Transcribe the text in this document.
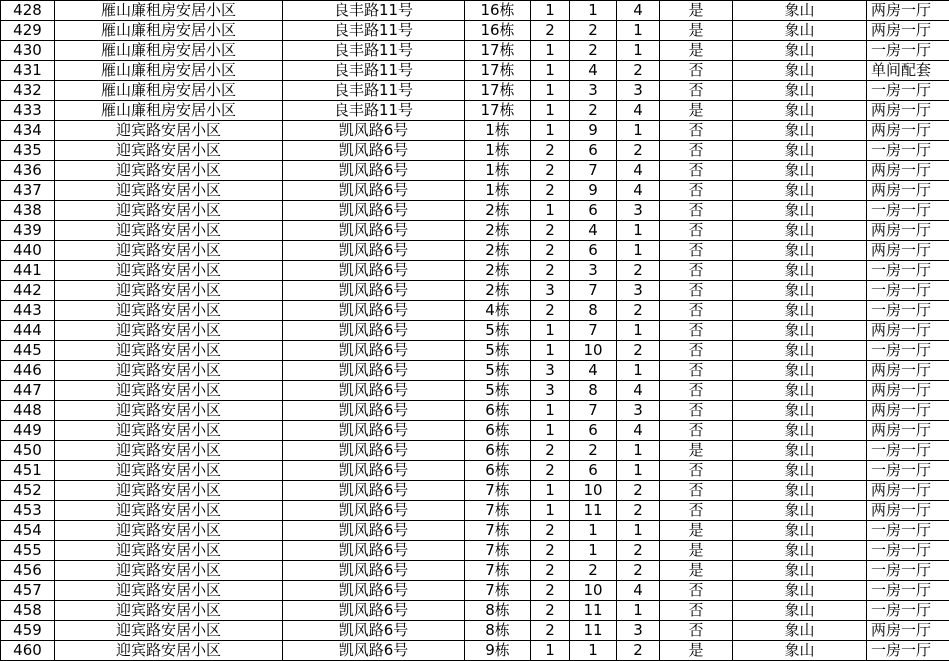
428	雁山廉租房安居小区	良丰路11号	16栋	1	1	4	是	象山	两房一厅
429	雁山廉租房安居小区	良丰路11号	16栋	2	2	1	是	象山	两房一厅
430	雁山廉租房安居小区	良丰路11号	17栋	1	2	1	是	象山	一房一厅
431	雁山廉租房安居小区	良丰路11号	17栋	1	4	2	否	象山	单间配套
432	雁山廉租房安居小区	良丰路11号	17栋	1	3	3	否	象山	一房一厅
433	雁山廉租房安居小区	良丰路11号	17栋	1	2	4	是	象山	两房一厅
434	迎宾路安居小区	凯风路6号	1栋	1	9	1	否	象山	两房一厅
435	迎宾路安居小区	凯风路6号	1栋	2	6	2	否	象山	一房一厅
436	迎宾路安居小区	凯风路6号	1栋	2	7	4	否	象山	两房一厅
437	迎宾路安居小区	凯风路6号	1栋	2	9	4	否	象山	两房一厅
438	迎宾路安居小区	凯风路6号	2栋	1	6	3	否	象山	一房一厅
439	迎宾路安居小区	凯风路6号	2栋	2	4	1	否	象山	两房一厅
440	迎宾路安居小区	凯风路6号	2栋	2	6	1	否	象山	两房一厅
441	迎宾路安居小区	凯风路6号	2栋	2	3	2	否	象山	一房一厅
442	迎宾路安居小区	凯风路6号	2栋	3	7	3	否	象山	一房一厅
443	迎宾路安居小区	凯风路6号	4栋	2	8	2	否	象山	一房一厅
444	迎宾路安居小区	凯风路6号	5栋	1	7	1	否	象山	两房一厅
445	迎宾路安居小区	凯风路6号	5栋	1	10	2	否	象山	一房一厅
446	迎宾路安居小区	凯风路6号	5栋	3	4	1	否	象山	两房一厅
447	迎宾路安居小区	凯风路6号	5栋	3	8	4	否	象山	两房一厅
448	迎宾路安居小区	凯风路6号	6栋	1	7	3	否	象山	两房一厅
449	迎宾路安居小区	凯风路6号	6栋	1	6	4	否	象山	两房一厅
450	迎宾路安居小区	凯风路6号	6栋	2	2	1	是	象山	一房一厅
451	迎宾路安居小区	凯风路6号	6栋	2	6	1	否	象山	一房一厅
452	迎宾路安居小区	凯风路6号	7栋	1	10	2	否	象山	两房一厅
453	迎宾路安居小区	凯风路6号	7栋	1	11	2	否	象山	两房一厅
454	迎宾路安居小区	凯风路6号	7栋	2	1	1	是	象山	一房一厅
455	迎宾路安居小区	凯风路6号	7栋	2	1	2	是	象山	一房一厅
456	迎宾路安居小区	凯风路6号	7栋	2	2	2	是	象山	一房一厅
457	迎宾路安居小区	凯风路6号	7栋	2	10	4	否	象山	一房一厅
458	迎宾路安居小区	凯风路6号	8栋	2	11	1	否	象山	一房一厅
459	迎宾路安居小区	凯风路6号	8栋	2	11	3	否	象山	两房一厅
460	迎宾路安居小区	凯风路6号	9栋	1	1	2	是	象山	一房一厅
